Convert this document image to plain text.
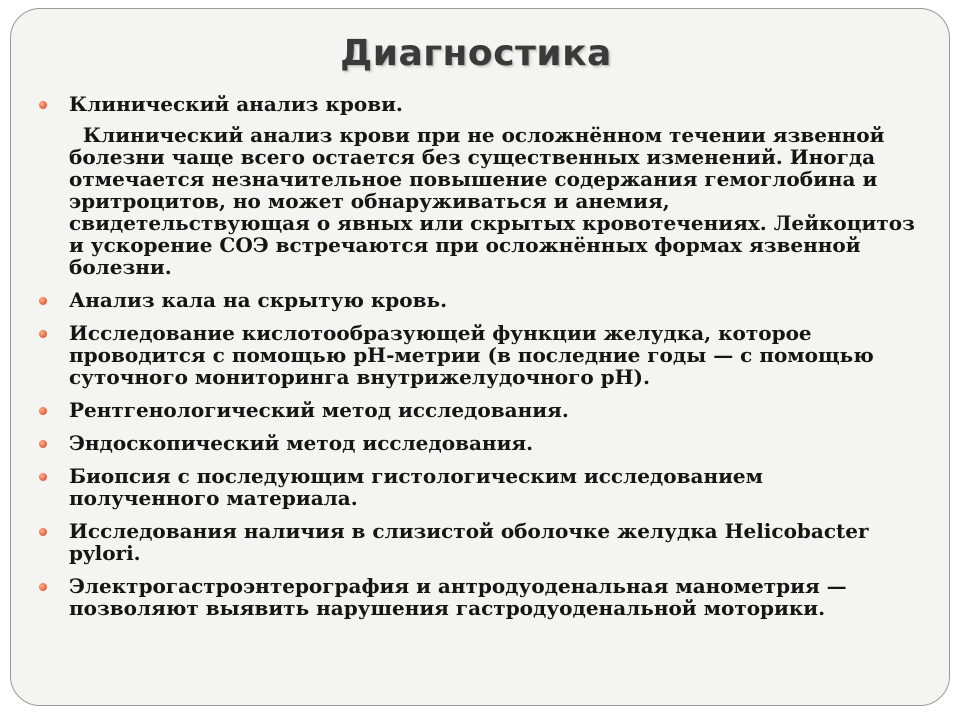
Диагностика
Клинический анализ крови.
Клинический анализ крови при не осложнённом течении язвенной болезни чаще всего остается без существенных изменений. Иногда отмечается незначительное повышение содержания гемоглобина и эритроцитов, но может обнаруживаться и анемия, свидетельствующая о явных или скрытых кровотечениях. Лейкоцитоз и ускорение СОЭ встречаются при осложнённых формах язвенной болезни.
Анализ кала на скрытую кровь.
Исследование кислотообразующей функции желудка, которое проводится с помощью pH-метрии (в последние годы — с помощью суточного мониторинга внутрижелудочного pH).
Рентгенологический метод исследования.
Эндоскопический метод исследования.
Биопсия с последующим гистологическим исследованием полученного материала.
Исследования наличия в слизистой оболочке желудка Helicobacter pylori.
Электрогастроэнтерография и антродуоденальная манометрия — позволяют выявить нарушения гастродуоденальной моторики.
